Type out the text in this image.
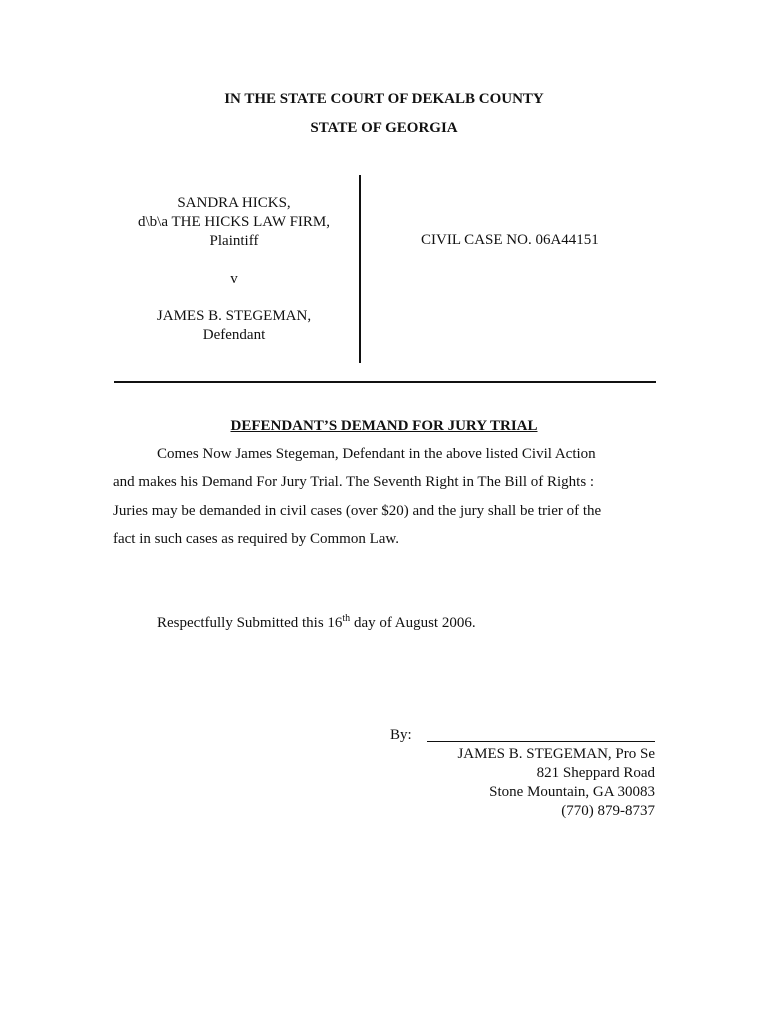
IN THE STATE COURT OF DEKALB COUNTY
STATE OF GEORGIA
SANDRA HICKS,
d\b\a THE HICKS LAW FIRM,
Plaintiff
v
JAMES B. STEGEMAN,
Defendant
CIVIL CASE NO. 06A44151
DEFENDANT’S DEMAND FOR JURY TRIAL
Comes Now James Stegeman, Defendant in the above listed Civil Action
and makes his Demand For Jury Trial. The Seventh Right in The Bill of Rights :
Juries may be demanded in civil cases (over $20) and the jury shall be trier of the
fact in such cases as required by Common Law.
Respectfully Submitted this 16th day of August 2006.
By:
JAMES B. STEGEMAN, Pro Se
821 Sheppard Road
Stone Mountain, GA 30083
(770) 879-8737
